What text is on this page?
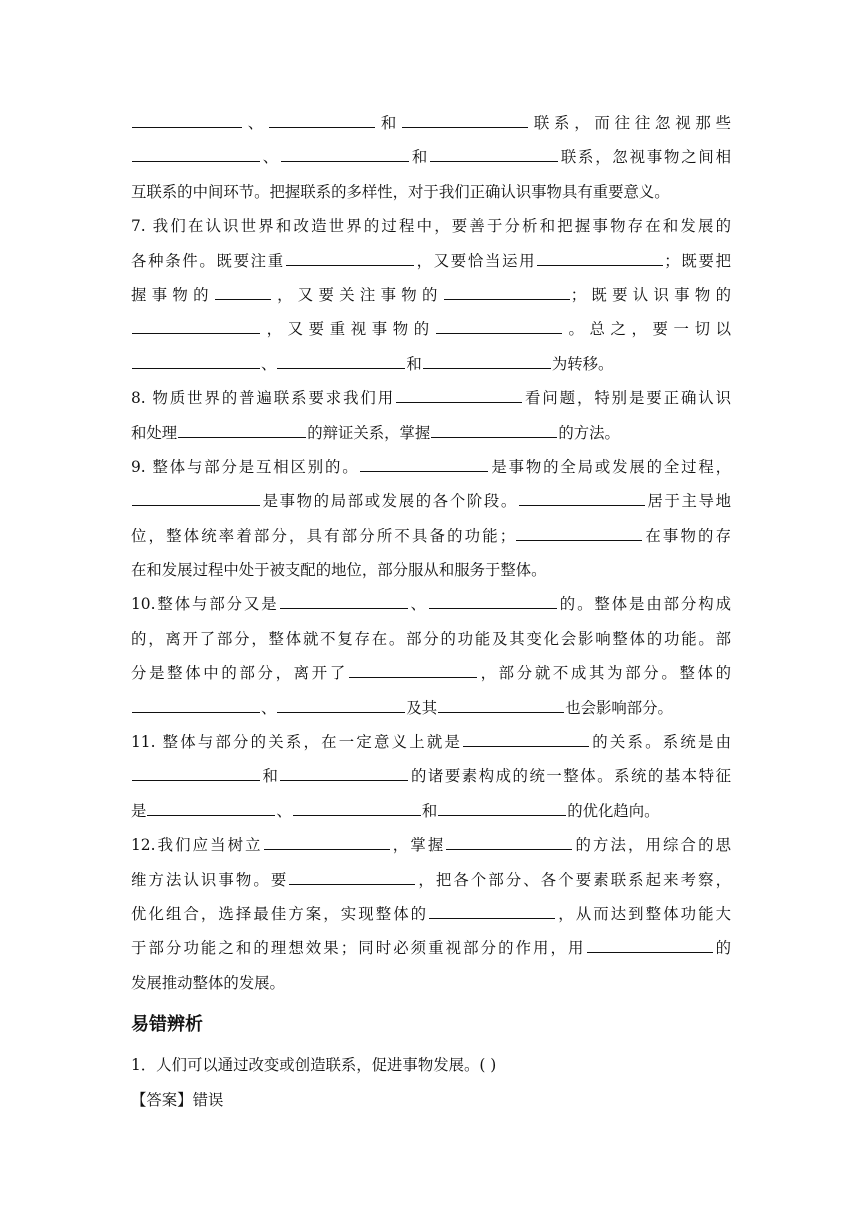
、	和	联系，而往往忽视那些
、	和	联系，忽视事物之间相
互联系的中间环节。把握联系的多样性，对于我们正确认识事物具有重要意义。
7. 我们在认识世界和改造世界的过程中，要善于分析和把握事物存在和发展的
各种条件。既要注重	，又要恰当运用	；既要把
握事物的	，又要关注事物的	；既要认识事物的
，又要重视事物的	。总之，要一切以
、	和	为转移。
8. 物质世界的普遍联系要求我们用	看问题，特别是要正确认识
和处理	的辩证关系，掌握	的方法。
9. 整体与部分是互相区别的。	是事物的全局或发展的全过程，
是事物的局部或发展的各个阶段。	居于主导地
位，整体统率着部分，具有部分所不具备的功能；	在事物的存
在和发展过程中处于被支配的地位，部分服从和服务于整体。
10.整体与部分又是	、	的。整体是由部分构成
的，离开了部分，整体就不复存在。部分的功能及其变化会影响整体的功能。部
分是整体中的部分，离开了	，部分就不成其为部分。整体的
、	及其	也会影响部分。
11. 整体与部分的关系，在一定意义上就是	的关系。系统是由
和	的诸要素构成的统一整体。系统的基本特征
是	、	和	的优化趋向。
12.我们应当树立	，掌握	的方法，用综合的思
维方法认识事物。要	，把各个部分、各个要素联系起来考察，
优化组合，选择最佳方案，实现整体的	，从而达到整体功能大
于部分功能之和的理想效果；同时必须重视部分的作用，用	的
发展推动整体的发展。
易错辨析
1．人们可以通过改变或创造联系，促进事物发展。( )
【答案】错误
